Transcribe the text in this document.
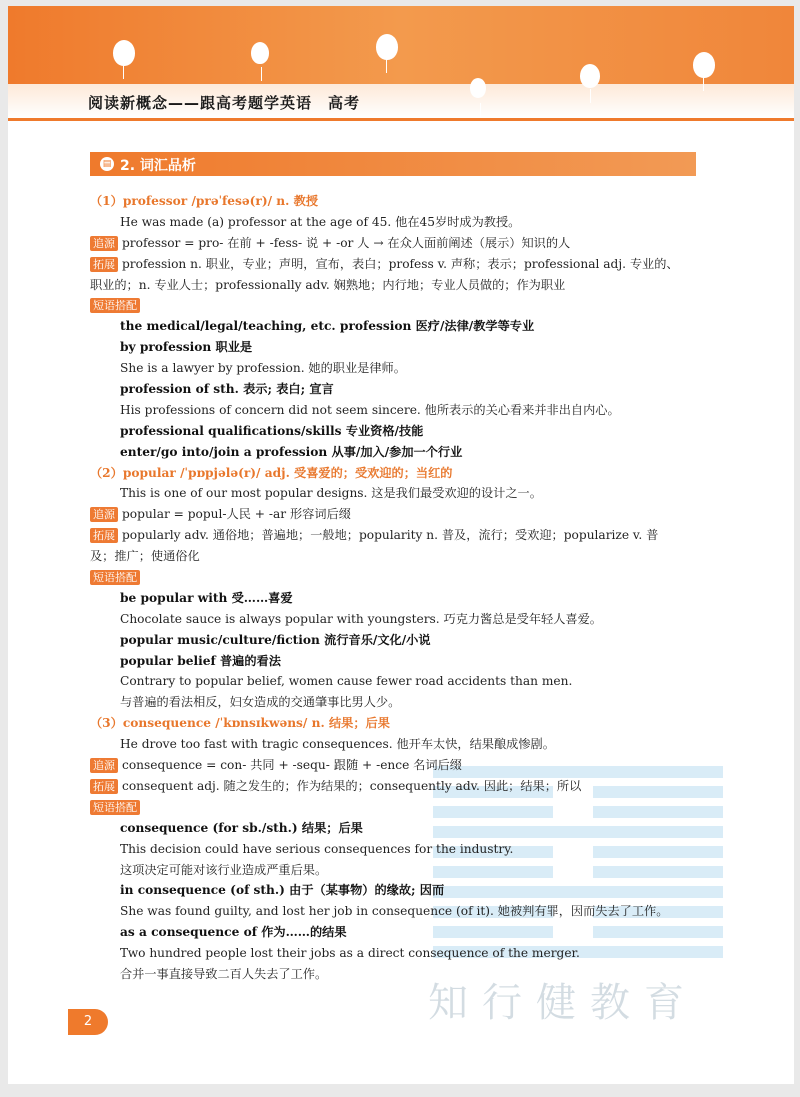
阅读新概念——跟高考题学英语　高考
▤ 2. 词汇品析
知行健教育
（1）professor /prəˈfesə(r)/ n. 教授
He was made (a) professor at the age of 45. 他在45岁时成为教授。
追源 professor = pro- 在前 + -fess- 说 + -or 人 → 在众人面前阐述（展示）知识的人
拓展 profession n. 职业，专业；声明，宣布，表白；profess v. 声称；表示；professional adj. 专业的、
职业的；n. 专业人士；professionally adv. 娴熟地；内行地；专业人员做的；作为职业
短语搭配
the medical/legal/teaching, etc. profession 医疗/法律/教学等专业
by profession 职业是
She is a lawyer by profession. 她的职业是律师。
profession of sth. 表示; 表白; 宣言
His professions of concern did not seem sincere. 他所表示的关心看来并非出自内心。
professional qualifications/skills 专业资格/技能
enter/go into/join a profession 从事/加入/参加一个行业
（2）popular /ˈpɒpjələ(r)/ adj. 受喜爱的；受欢迎的；当红的
This is one of our most popular designs. 这是我们最受欢迎的设计之一。
追源 popular = popul-人民 + -ar 形容词后缀
拓展 popularly adv. 通俗地；普遍地；一般地；popularity n. 普及，流行；受欢迎；popularize v. 普
及；推广；使通俗化
短语搭配
be popular with 受……喜爱
Chocolate sauce is always popular with youngsters. 巧克力酱总是受年轻人喜爱。
popular music/culture/fiction 流行音乐/文化/小说
popular belief 普遍的看法
Contrary to popular belief, women cause fewer road accidents than men.
与普遍的看法相反，妇女造成的交通肇事比男人少。
（3）consequence /ˈkɒnsɪkwəns/ n. 结果；后果
He drove too fast with tragic consequences. 他开车太快，结果酿成惨剧。
追源 consequence = con- 共同 + -sequ- 跟随 + -ence 名词后缀
拓展 consequent adj. 随之发生的；作为结果的；consequently adv. 因此；结果；所以
短语搭配
consequence (for sb./sth.) 结果；后果
This decision could have serious consequences for the industry.
这项决定可能对该行业造成严重后果。
in consequence (of sth.) 由于（某事物）的缘故; 因而
She was found guilty, and lost her job in consequence (of it). 她被判有罪，因而失去了工作。
as a consequence of 作为……的结果
Two hundred people lost their jobs as a direct consequence of the merger.
合并一事直接导致二百人失去了工作。
2
